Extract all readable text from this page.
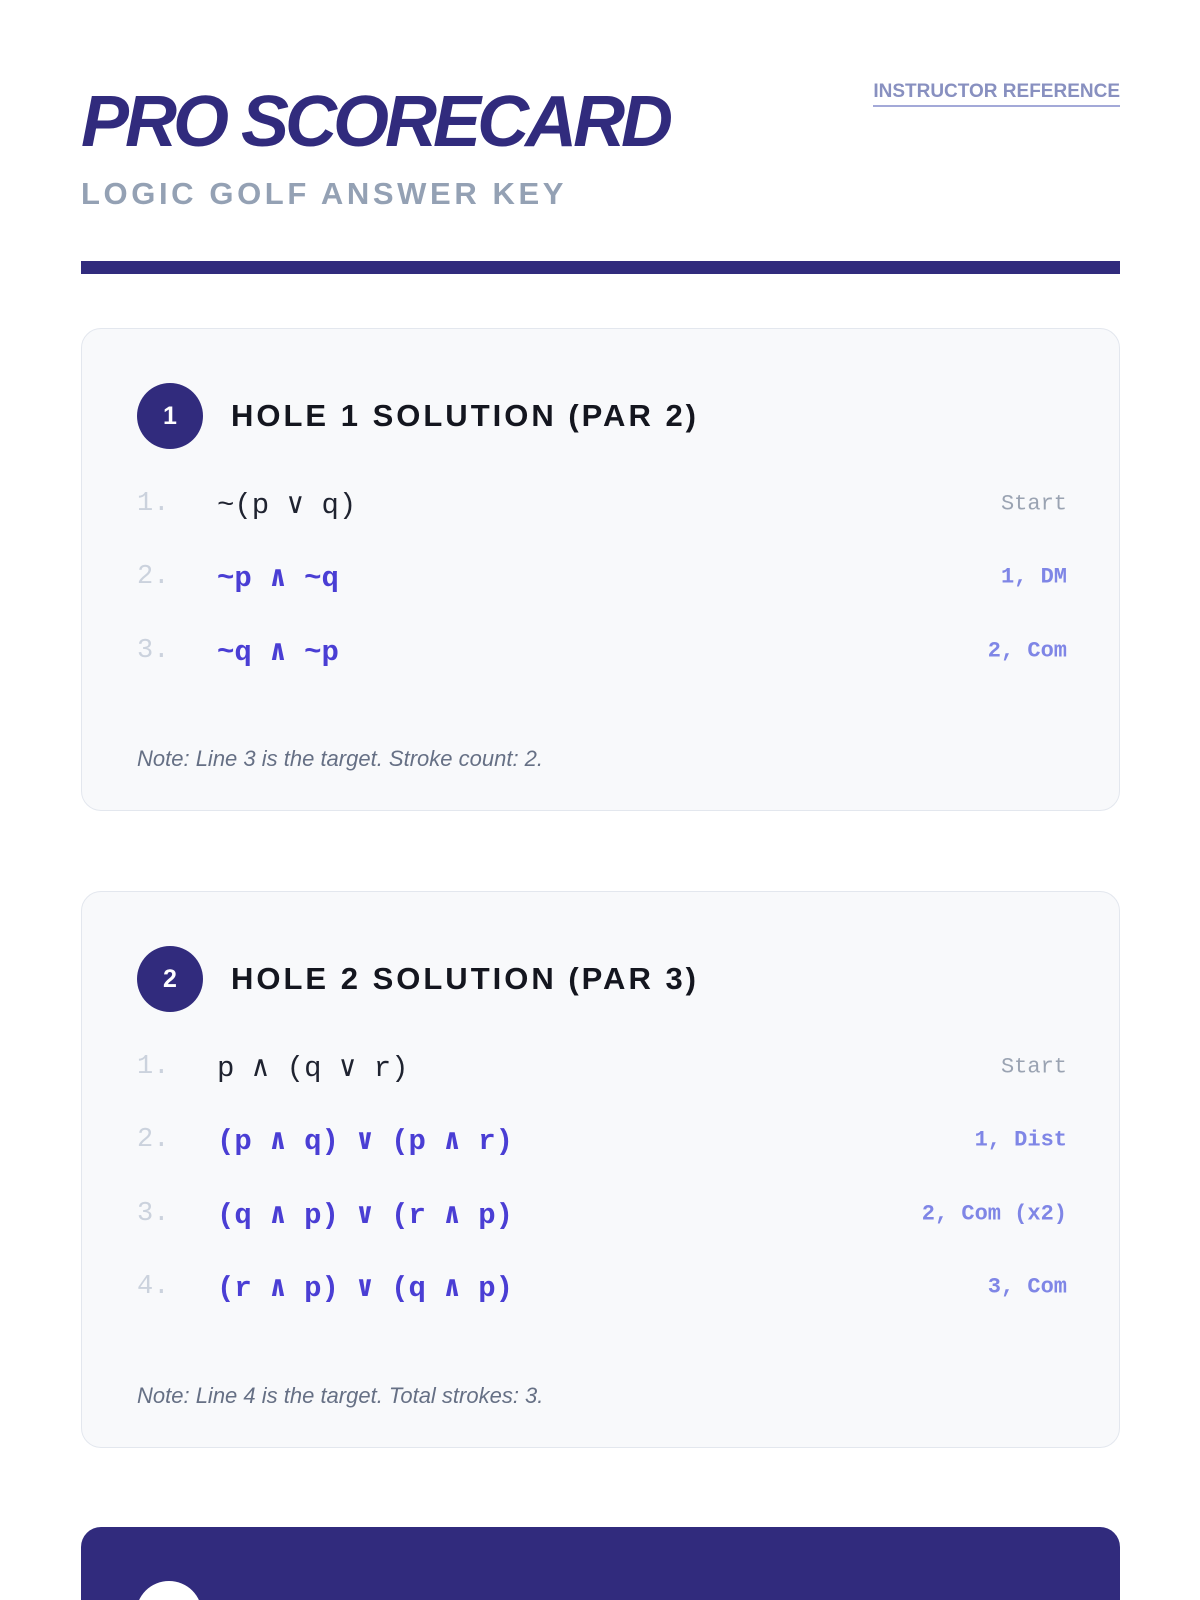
PRO SCORECARD
LOGIC GOLF ANSWER KEY
INSTRUCTOR REFERENCE
1	HOLE 1 SOLUTION (PAR 2)
1.	~(p ∨ q)	Start
2.	~p ∧ ~q	1, DM
3.	~q ∧ ~p	2, Com

Note: Line 3 is the target. Stroke count: 2.

2	HOLE 2 SOLUTION (PAR 3)
1.	p ∧ (q ∨ r)	Start
2.	(p ∧ q) ∨ (p ∧ r)	1, Dist
3.	(q ∧ p) ∨ (r ∧ p)	2, Com (x2)
4.	(r ∧ p) ∨ (q ∧ p)	3, Com

Note: Line 4 is the target. Total strokes: 3.
